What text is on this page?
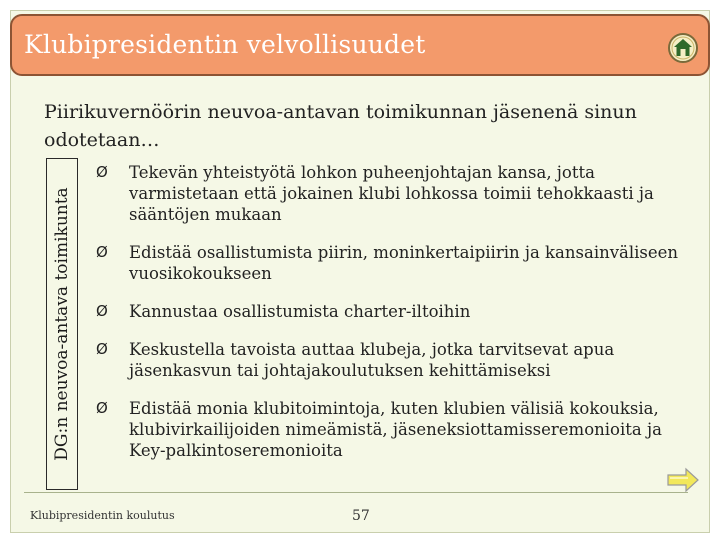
Klubipresidentin velvollisuudet
Piirikuvernöörin neuvoa-antavan toimikunnan jäsenenä sinun odotetaan…
DG:n neuvoa-antava toimikunta
Ø	Tekevän yhteistyötä lohkon puheenjohtajan kansa, jotta varmistetaan että jokainen klubi lohkossa toimii tehokkaasti ja sääntöjen mukaan
Ø	Edistää osallistumista piirin, moninkertaipiirin ja kansainväliseen vuosikokoukseen
Ø	Kannustaa osallistumista charter-iltoihin
Ø	Keskustella tavoista auttaa klubeja, jotka tarvitsevat apua jäsenkasvun tai johtajakoulutuksen kehittämiseksi
Ø	Edistää monia klubitoimintoja, kuten klubien välisiä kokouksia, klubivirkailijoiden nimeämistä, jäseneksiottamisseremonioita ja Key-palkintoseremonioita
Klubipresidentin koulutus	57
